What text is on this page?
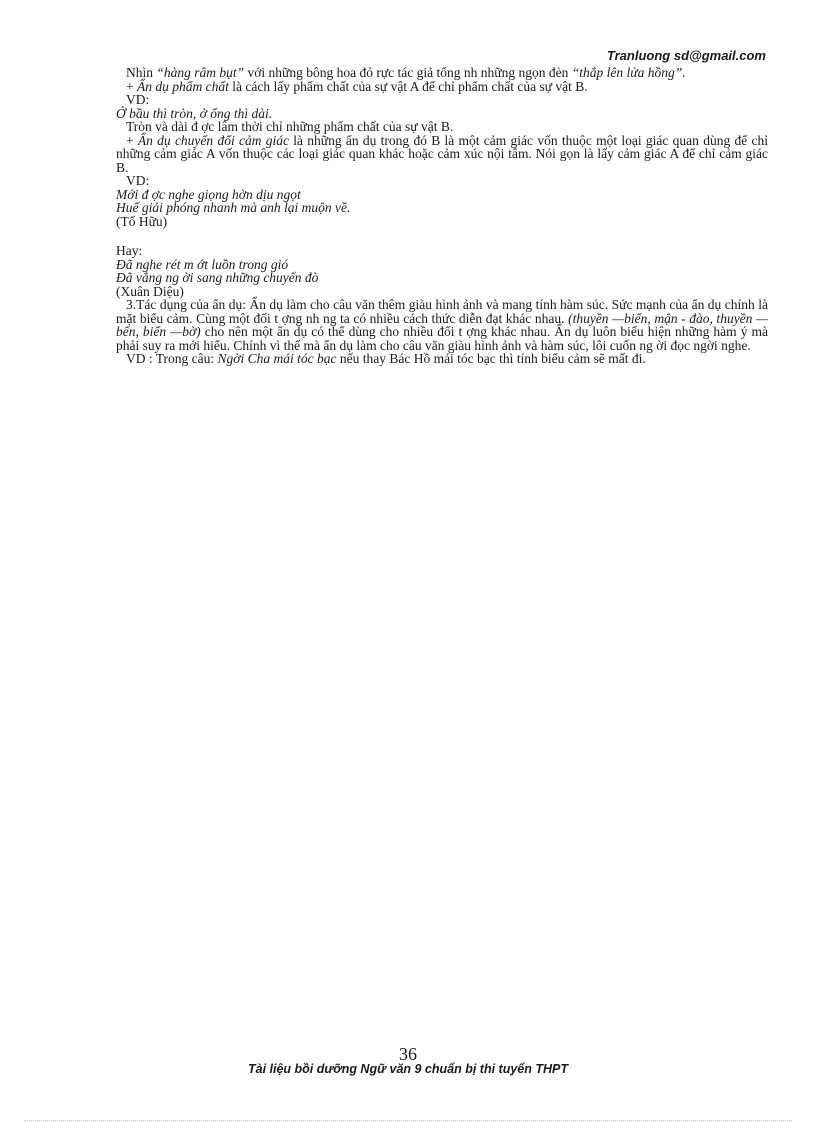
Tranluong sd@gmail.com

Nhìn “hàng râm bụt” với những bông hoa đỏ rực tác giả tổng nh những ngọn đèn “thắp lên lửa hồng”.

+ Ẩn dụ phẩm chất là cách lấy phẩm chất của sự vật A để chỉ phẩm chất của sự vật B.

VD:

Ở bầu thì tròn, ở ống thì dài.

Tròn và dài đ ợc lâm thời chỉ những phẩm chất của sự vật B.

+ Ẩn dụ chuyển đổi cảm giác là những ẩn dụ trong đó B là một cảm giác vốn thuộc một loại giác quan dùng để chỉ những cảm giác A vốn thuộc các loại giác quan khác hoặc cảm xúc nội tâm. Nói gọn là lấy cảm giác A để chỉ cảm giác B.

VD:

Mới đ ợc nghe giọng hờn dịu ngọt

Huế giải phóng nhanh mà anh lại muộn về.

(Tố Hữu)

Hay:

Đã nghe rét m ớt luồn trong gió

Đã vắng ng ời sang những chuyến đò

(Xuân Diệu)

3.Tác dụng của ẩn dụ: Ẩn dụ làm cho câu văn thêm giàu hình ảnh và mang tính hàm súc. Sức mạnh của ẩn dụ chính là mặt biểu cảm. Cùng một đối t ợng nh ng ta có nhiều cách thức diễn đạt khác nhau. (thuyền —biển, mận - đào, thuyền —bến, biển —bờ) cho nên một ẩn dụ có thể dùng cho nhiều đối t ợng khác nhau. Ẩn dụ luôn biểu hiện những hàm ý mà phải suy ra mới hiểu. Chính vì thế mà ẩn dụ làm cho câu văn giàu hình ảnh và hàm súc, lôi cuốn ng ời đọc ngời nghe.

VD : Trong câu: Ngời Cha mái tóc bạc nếu thay Bác Hồ mái tóc bạc thì tính biểu cảm sẽ mất đi.

36
Tài liệu bồi dưỡng Ngữ văn 9 chuẩn bị thi tuyển THPT
